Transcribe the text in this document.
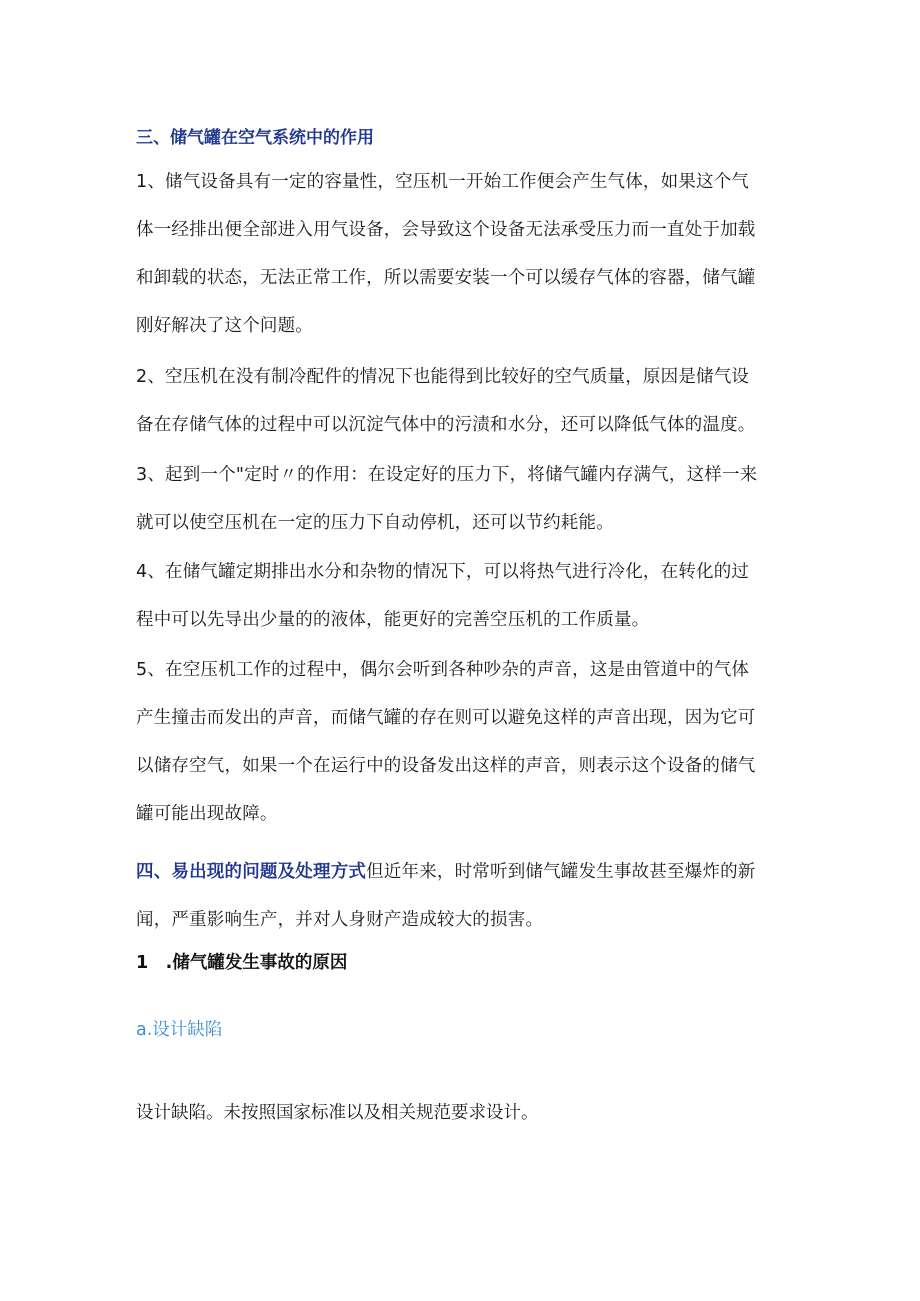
三、储气罐在空气系统中的作用
1、储气设备具有一定的容量性，空压机一开始工作便会产生气体，如果这个气
体一经排出便全部进入用气设备，会导致这个设备无法承受压力而一直处于加载
和卸载的状态，无法正常工作，所以需要安装一个可以缓存气体的容器，储气罐
刚好解决了这个问题。
2、空压机在没有制冷配件的情况下也能得到比较好的空气质量，原因是储气设
备在存储气体的过程中可以沉淀气体中的污渍和水分，还可以降低气体的温度。
3、起到一个"定时〃的作用：在设定好的压力下，将储气罐内存满气，这样一来
就可以使空压机在一定的压力下自动停机，还可以节约耗能。
4、在储气罐定期排出水分和杂物的情况下，可以将热气进行冷化，在转化的过
程中可以先导出少量的的液体，能更好的完善空压机的工作质量。
5、在空压机工作的过程中，偶尔会听到各种吵杂的声音，这是由管道中的气体
产生撞击而发出的声音，而储气罐的存在则可以避免这样的声音出现，因为它可
以储存空气，如果一个在运行中的设备发出这样的声音，则表示这个设备的储气
罐可能出现故障。
四、易出现的问题及处理方式但近年来，时常听到储气罐发生事故甚至爆炸的新
闻，严重影响生产，并对人身财产造成较大的损害。
1　.储气罐发生事故的原因
a.设计缺陷
设计缺陷。未按照国家标准以及相关规范要求设计。
